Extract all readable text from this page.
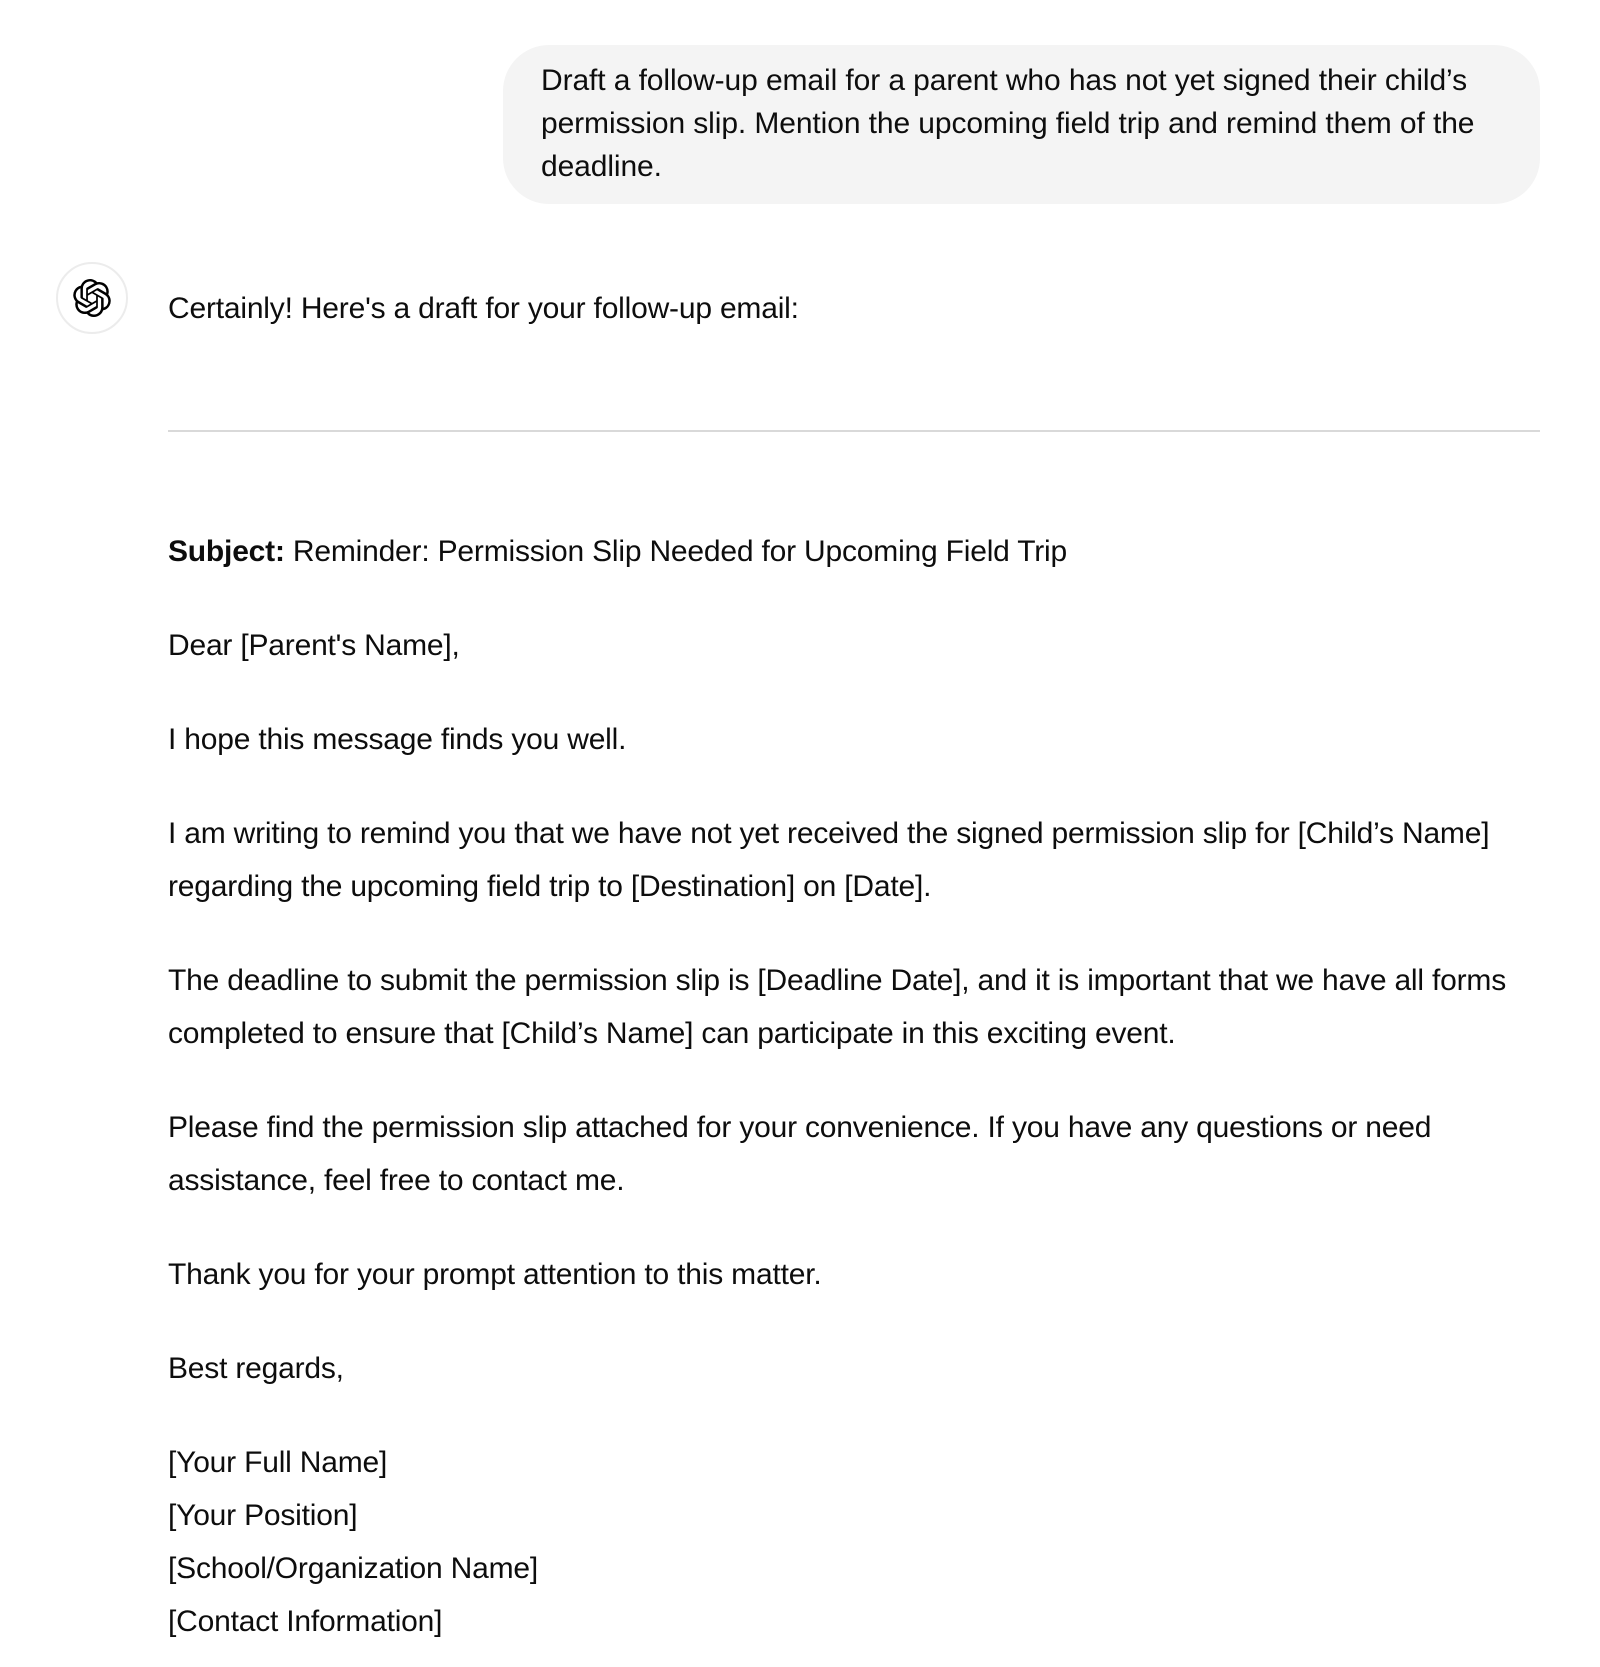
Draft a follow-up email for a parent who has not yet signed their child’s permission slip. Mention the upcoming field trip and remind them of the deadline.

Certainly! Here's a draft for your follow-up email:

Subject: Reminder: Permission Slip Needed for Upcoming Field Trip

Dear [Parent's Name],

I hope this message finds you well.

I am writing to remind you that we have not yet received the signed permission slip for [Child’s Name] regarding the upcoming field trip to [Destination] on [Date].

The deadline to submit the permission slip is [Deadline Date], and it is important that we have all forms completed to ensure that [Child’s Name] can participate in this exciting event.

Please find the permission slip attached for your convenience. If you have any questions or need assistance, feel free to contact me.

Thank you for your prompt attention to this matter.

Best regards,

[Your Full Name]
[Your Position]
[School/Organization Name]
[Contact Information]
